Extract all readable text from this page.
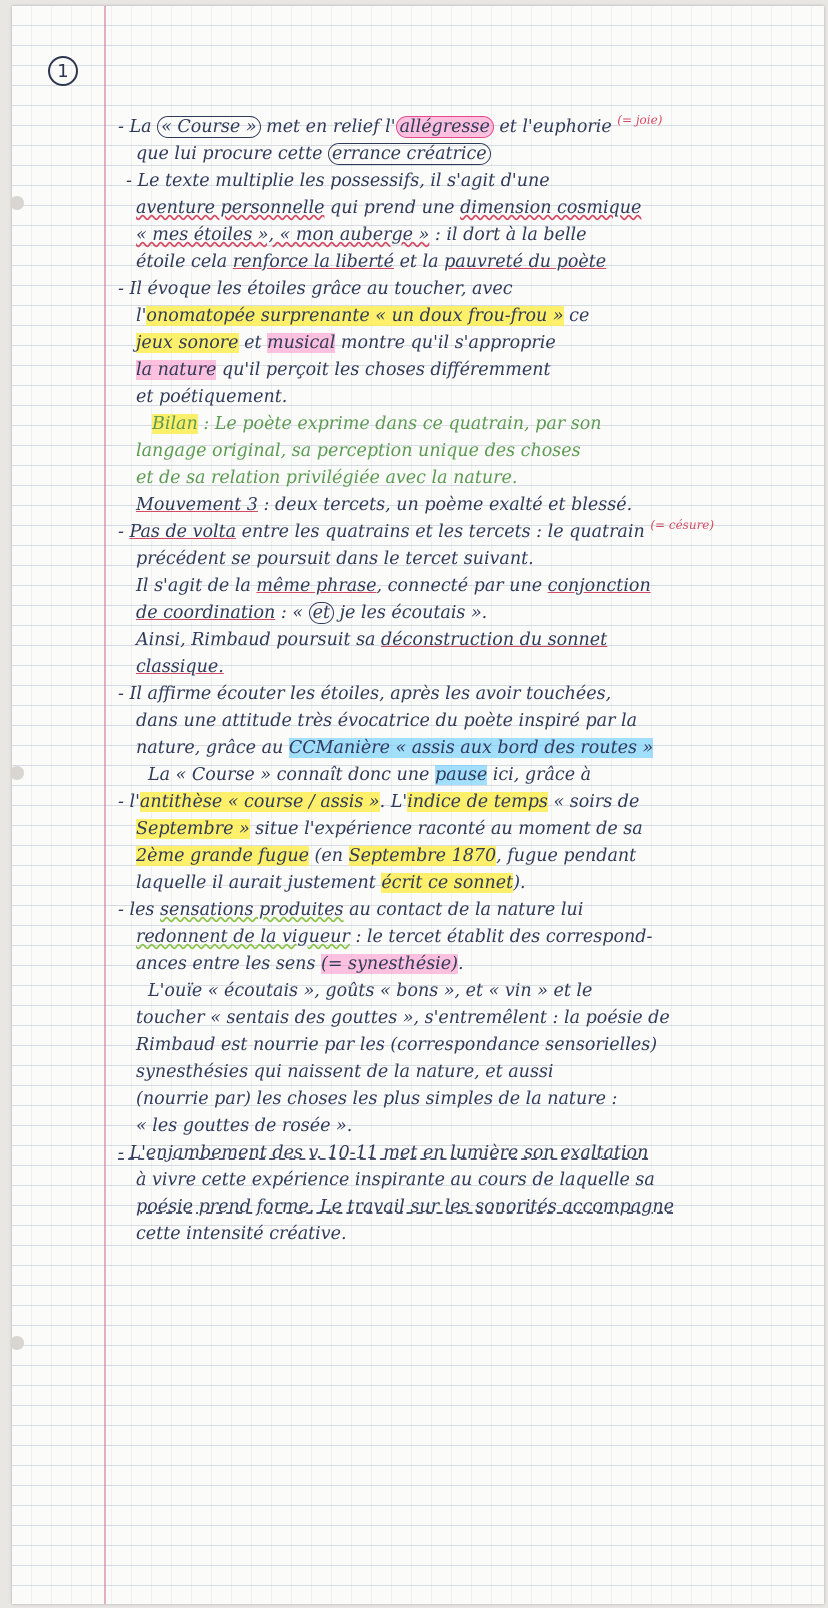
1
- La « Course » met en relief l' allégresse et l'euphorie $^{(= joie)}$
que lui procure cette errance créatrice
- Le texte multiplie les possessifs, il s'agit d'une
aventure personnelle qui prend une dimension cosmique
« mes étoiles », « mon auberge » : il dort à la belle
étoile cela renforce la liberté et la pauvreté du poète
- Il évoque les étoiles grâce au toucher, avec
l'onomatopée surprenante « un doux frou-frou » ce
jeux sonore et musical montre qu'il s'approprie
la nature qu'il perçoit les choses différemment
et poétiquement.
Bilan : Le poète exprime dans ce quatrain, par son
langage original, sa perception unique des choses
et de sa relation privilégiée avec la nature.
Mouvement 3 : deux tercets, un poème exalté et blessé.
- Pas de volta entre les quatrains et les tercets : le quatrain $^{(= césure)}$
précédent se poursuit dans le tercet suivant.
Il s'agit de la même phrase, connecté par une conjonction
de coordination : « et je les écoutais ».
Ainsi, Rimbaud poursuit sa déconstruction du sonnet
classique.
- Il affirme écouter les étoiles, après les avoir touchées,
dans une attitude très évocatrice du poète inspiré par la
nature, grâce au CCManière « assis aux bord des routes »
La « Course » connaît donc une pause ici, grâce à
- l'antithèse « course / assis ». L'indice de temps « soirs de
Septembre » situe l'expérience raconté au moment de sa
2ème grande fugue (en Septembre 1870, fugue pendant
laquelle il aurait justement écrit ce sonnet).
- les sensations produites au contact de la nature lui
redonnent de la vigueur : le tercet établit des correspond-
ances entre les sens (= synesthésie).
L'ouïe « écoutais », goûts « bons », et « vin » et le
toucher « sentais des gouttes », s'entremêlent : la poésie de
Rimbaud est nourrie par les (correspondance sensorielles)
synesthésies qui naissent de la nature, et aussi
(nourrie par) les choses les plus simples de la nature :
« les gouttes de rosée ».
- L'enjambement des v. 10-11 met en lumière son exaltation
à vivre cette expérience inspirante au cours de laquelle sa
poésie prend forme. Le travail sur les sonorités accompagne
cette intensité créative.
